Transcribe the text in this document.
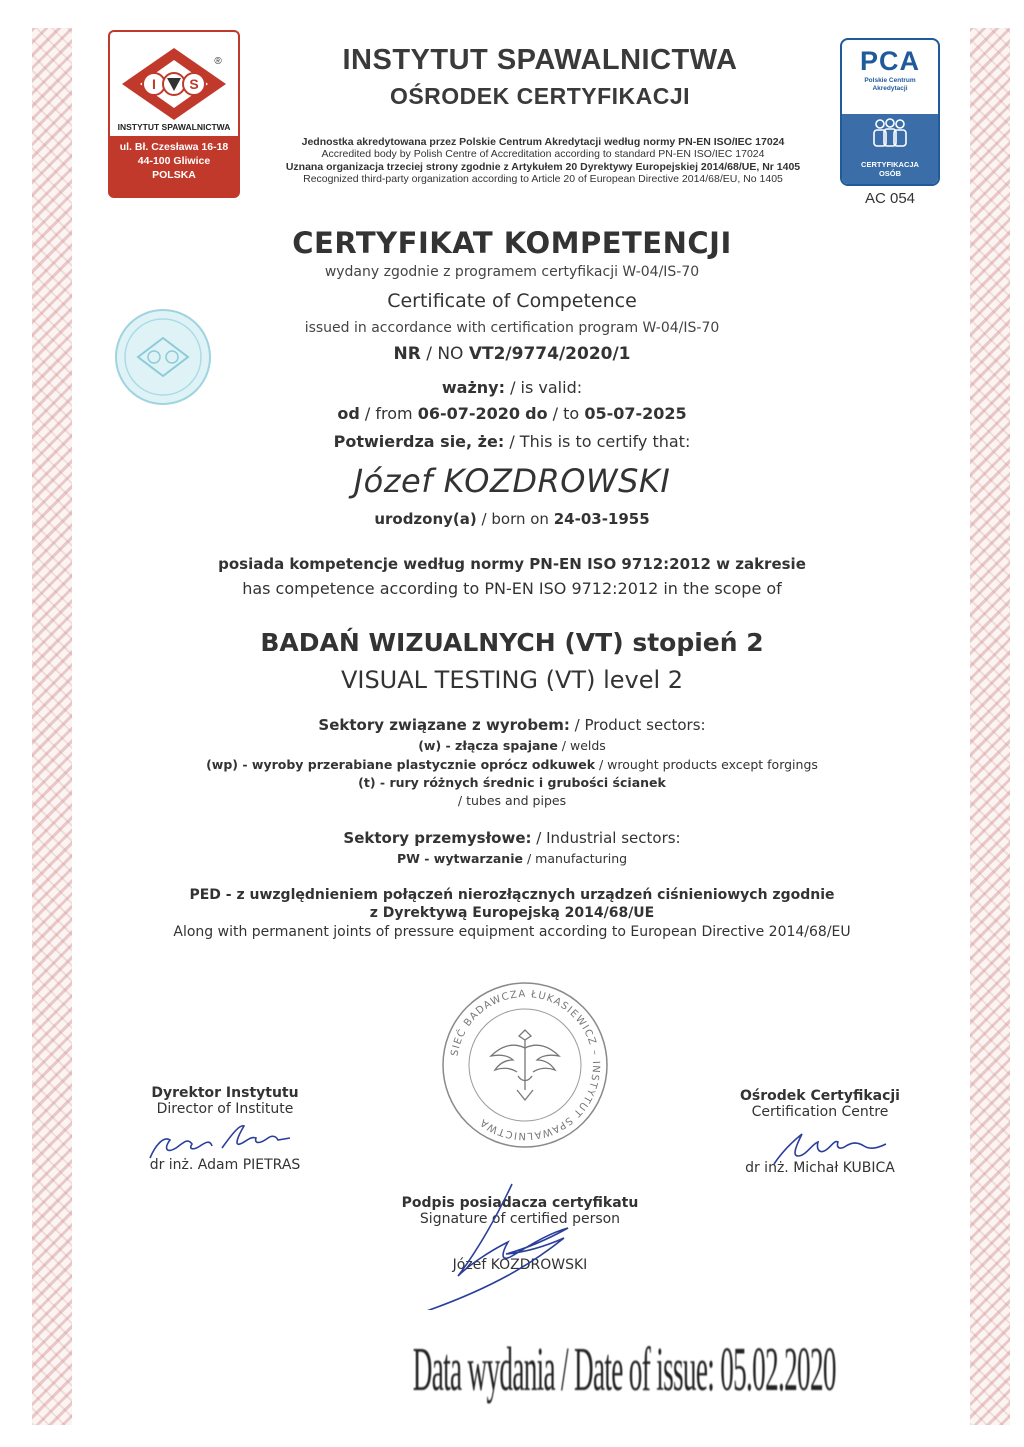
I S
®
INSTYTUT SPAWALNICTWA
ul. Bł. Czesława 16-18
44-100 Gliwice
POLSKA
INSTYTUT SPAWALNICTWA
OŚRODEK CERTYFIKACJI
Jednostka akredytowana przez Polskie Centrum Akredytacji według normy PN-EN ISO/IEC 17024
Accredited body by Polish Centre of Accreditation according to standard PN-EN ISO/IEC 17024
Uznana organizacja trzeciej strony zgodnie z Artykułem 20 Dyrektywy Europejskiej 2014/68/UE, Nr 1405
Recognized third-party organization according to Article 20 of European Directive 2014/68/EU, No 1405
PCA
Polskie Centrum
Akredytacji
CERTYFIKACJA
OSÓB
AC 054
CERTYFIKAT KOMPETENCJI
wydany zgodnie z programem certyfikacji W-04/IS-70
Certificate of Competence
issued in accordance with certification program W-04/IS-70
NR / NO VT2/9774/2020/1
ważny: / is valid:
od / from 06-07-2020 do / to 05-07-2025
Potwierdza sie, że: / This is to certify that:
Józef KOZDROWSKI
urodzony(a) / born on 24-03-1955
posiada kompetencje według normy PN-EN ISO 9712:2012 w zakresie
has competence according to PN-EN ISO 9712:2012 in the scope of
BADAŃ WIZUALNYCH (VT) stopień 2
VISUAL TESTING (VT) level 2
Sektory związane z wyrobem: / Product sectors:
(w) - złącza spajane / welds
(wp) - wyroby przerabiane plastycznie oprócz odkuwek / wrought products except forgings
(t) - rury różnych średnic i grubości ścianek
/ tubes and pipes
Sektory przemysłowe: / Industrial sectors:
PW - wytwarzanie / manufacturing
PED - z uwzględnieniem połączeń nierozłącznych urządzeń ciśnieniowych zgodnie
z Dyrektywą Europejską 2014/68/UE
Along with permanent joints of pressure equipment according to European Directive 2014/68/EU
SIEĆ BADAWCZA ŁUKASIEWICZ – INSTYTUT SPAWALNICTWA
Dyrektor Instytutu
Director of Institute
dr inż. Adam PIETRAS
Ośrodek Certyfikacji
Certification Centre
dr inż. Michał KUBICA
Podpis posiadacza certyfikatu
Signature of certified person
Józef KOZDROWSKI
Data wydania / Date of issue: 05.02.2020
